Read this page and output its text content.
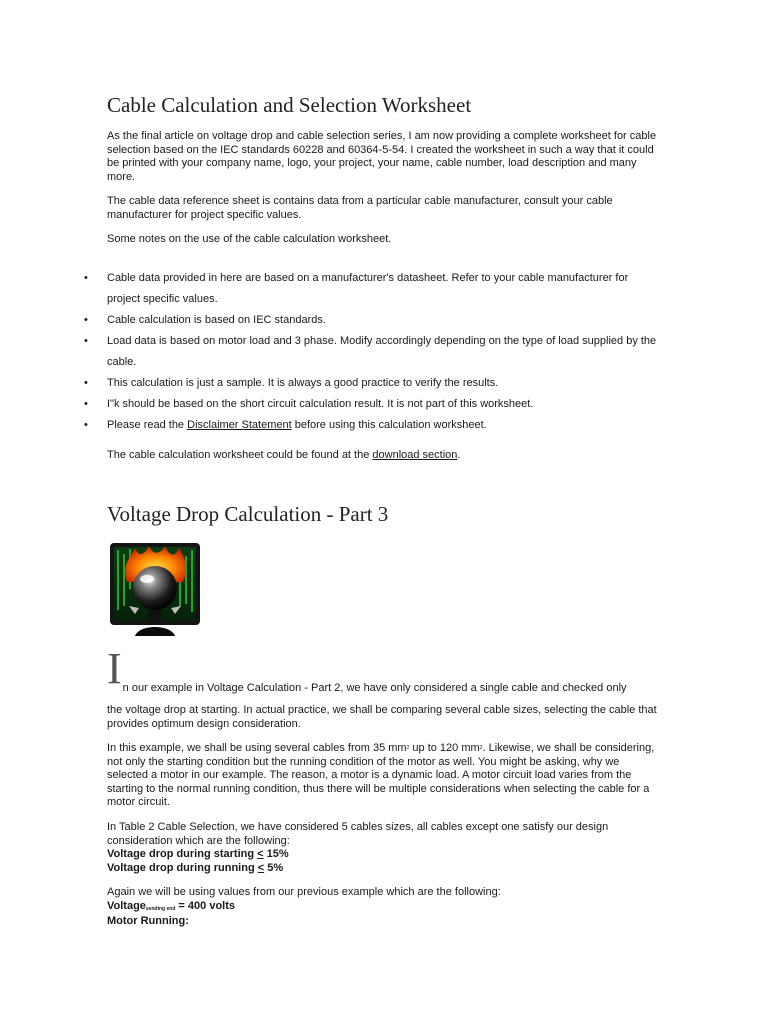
Cable Calculation and Selection Worksheet

As the final article on voltage drop and cable selection series, I am now providing a complete worksheet for cable selection based on the IEC standards 60228 and 60364-5-54. I created the worksheet in such a way that it could be printed with your company name, logo, your project, your name, cable number, load description and many more.

The cable data reference sheet is contains data from a particular cable manufacturer, consult your cable manufacturer for project specific values.

Some notes on the use of the cable calculation worksheet.

• Cable data provided in here are based on a manufacturer's datasheet. Refer to your cable manufacturer for project specific values.
• Cable calculation is based on IEC standards.
• Load data is based on motor load and 3 phase. Modify accordingly depending on the type of load supplied by the cable.
• This calculation is just a sample. It is always a good practice to verify the results.
• I"k should be based on the short circuit calculation result. It is not part of this worksheet.
• Please read the Disclaimer Statement before using this calculation worksheet.

The cable calculation worksheet could be found at the download section.

Voltage Drop Calculation - Part 3
I n our example in Voltage Calculation - Part 2, we have only considered a single cable and checked only

the voltage drop at starting. In actual practice, we shall be comparing several cable sizes, selecting the cable that provides optimum design consideration.

In this example, we shall be using several cables from 35 $mm^2$ up to 120 $mm^2$. Likewise, we shall be considering, not only the starting condition but the running condition of the motor as well. You might be asking, why we selected a motor in our example. The reason, a motor is a dynamic load. A motor circuit load varies from the starting to the normal running condition, thus there will be multiple considerations when selecting the cable for a motor circuit.

In Table 2 Cable Selection, we have considered 5 cables sizes, all cables except one satisfy our design consideration which are the following:

Voltage drop during starting < 15%

Voltage drop during running < 5%

Again we will be using values from our previous example which are the following:

Voltage$_{sending end}$ = 400 volts

Motor Running:
